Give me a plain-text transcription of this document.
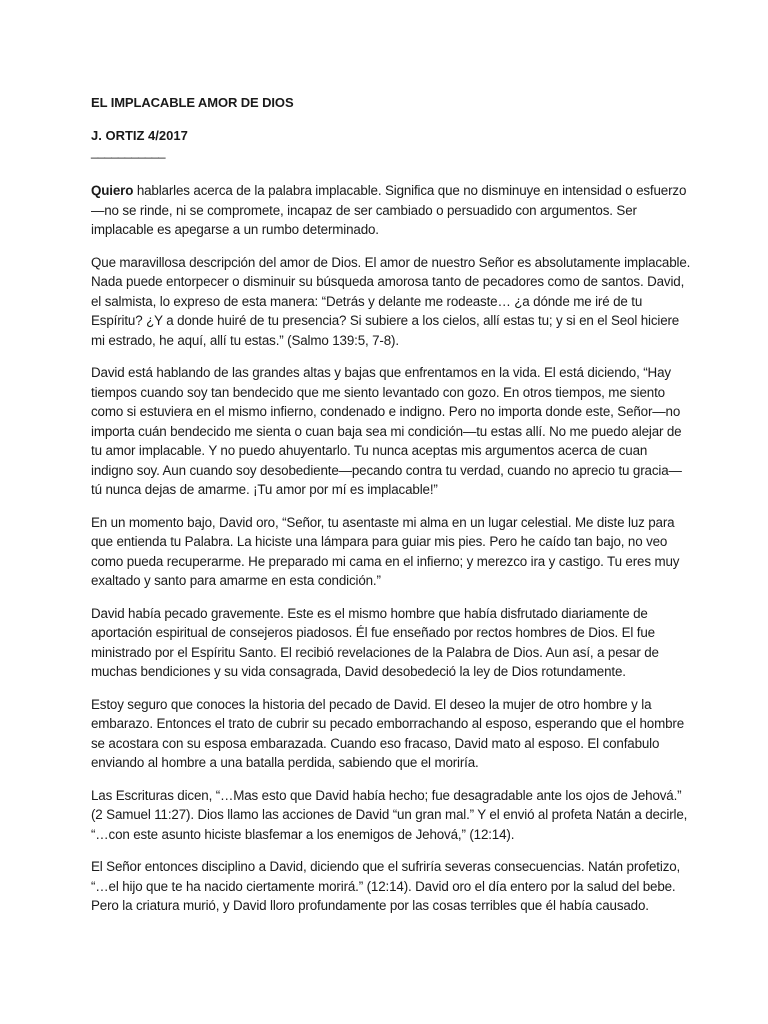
EL IMPLACABLE AMOR DE DIOS

J. ORTIZ 4/2017

___________

Quiero hablarles acerca de la palabra implacable. Significa que no disminuye en intensidad o esfuerzo—no se rinde, ni se compromete, incapaz de ser cambiado o persuadido con argumentos. Ser implacable es apegarse a un rumbo determinado.

Que maravillosa descripción del amor de Dios. El amor de nuestro Señor es absolutamente implacable. Nada puede entorpecer o disminuir su búsqueda amorosa tanto de pecadores como de santos. David, el salmista, lo expreso de esta manera: “Detrás y delante me rodeaste… ¿a dónde me iré de tu Espíritu? ¿Y a donde huiré de tu presencia? Si subiere a los cielos, allí estas tu; y si en el Seol hiciere mi estrado, he aquí, allí tu estas.” (Salmo 139:5, 7-8).

David está hablando de las grandes altas y bajas que enfrentamos en la vida. El está diciendo, “Hay tiempos cuando soy tan bendecido que me siento levantado con gozo. En otros tiempos, me siento como si estuviera en el mismo infierno, condenado e indigno. Pero no importa donde este, Señor—no importa cuán bendecido me sienta o cuan baja sea mi condición—tu estas allí. No me puedo alejar de tu amor implacable. Y no puedo ahuyentarlo. Tu nunca aceptas mis argumentos acerca de cuan indigno soy. Aun cuando soy desobediente—pecando contra tu verdad, cuando no aprecio tu gracia—tú nunca dejas de amarme. ¡Tu amor por mí es implacable!”

En un momento bajo, David oro, “Señor, tu asentaste mi alma en un lugar celestial. Me diste luz para que entienda tu Palabra. La hiciste una lámpara para guiar mis pies. Pero he caído tan bajo, no veo como pueda recuperarme. He preparado mi cama en el infierno; y merezco ira y castigo. Tu eres muy exaltado y santo para amarme en esta condición.”

David había pecado gravemente. Este es el mismo hombre que había disfrutado diariamente de aportación espiritual de consejeros piadosos. Él fue enseñado por rectos hombres de Dios. El fue ministrado por el Espíritu Santo. El recibió revelaciones de la Palabra de Dios. Aun así, a pesar de muchas bendiciones y su vida consagrada, David desobedeció la ley de Dios rotundamente.

Estoy seguro que conoces la historia del pecado de David. El deseo la mujer de otro hombre y la embarazo. Entonces el trato de cubrir su pecado emborrachando al esposo, esperando que el hombre se acostara con su esposa embarazada. Cuando eso fracaso, David mato al esposo. El confabulo enviando al hombre a una batalla perdida, sabiendo que el moriría.

Las Escrituras dicen, “…Mas esto que David había hecho; fue desagradable ante los ojos de Jehová.” (2 Samuel 11:27). Dios llamo las acciones de David “un gran mal.” Y el envió al profeta Natán a decirle, “…con este asunto hiciste blasfemar a los enemigos de Jehová,” (12:14).

El Señor entonces disciplino a David, diciendo que el sufriría severas consecuencias. Natán profetizo, “…el hijo que te ha nacido ciertamente morirá.” (12:14). David oro el día entero por la salud del bebe. Pero la criatura murió, y David lloro profundamente por las cosas terribles que él había causado.
